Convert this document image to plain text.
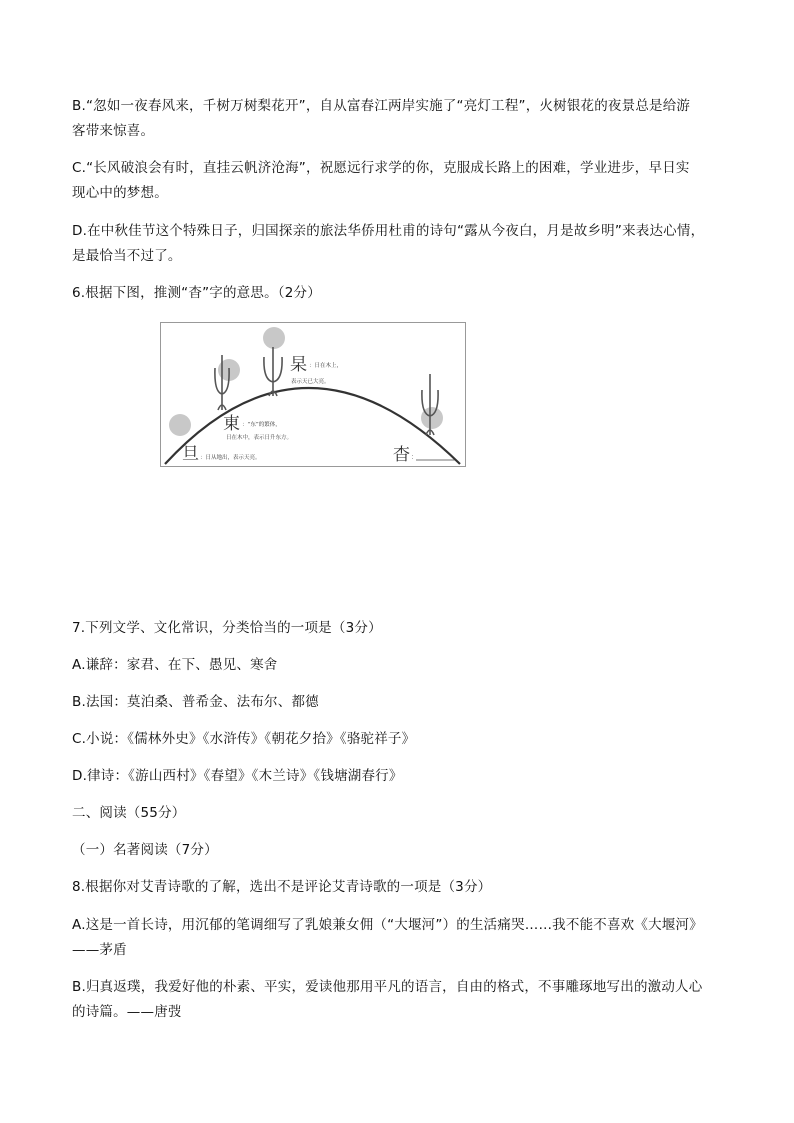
B.“忽如一夜春风来，千树万树梨花开”，自从富春江两岸实施了“亮灯工程”，火树银花的夜景总是给游
客带来惊喜。
C.“长风破浪会有时，直挂云帆济沧海”，祝愿远行求学的你，克服成长路上的困难，学业进步，早日实
现心中的梦想。
D.在中秋佳节这个特殊日子，归国探亲的旅法华侨用杜甫的诗句“露从今夜白，月是故乡明”来表达心情，
是最恰当不过了。
6.根据下图，推测“杳”字的意思。（2分）
旦 ：日从地出，表示天亮。
東 ：“东”的繁体，
日在木中，表示日升东方。
杲 ：日在木上，
表示天已大亮。
杳 ：
7.下列文学、文化常识，分类恰当的一项是（3分）
A.谦辞：家君、在下、愚见、寒舍
B.法国：莫泊桑、普希金、法布尔、都德
C.小说：《儒林外史》《水浒传》《朝花夕拾》《骆驼祥子》
D.律诗：《游山西村》《春望》《木兰诗》《钱塘湖春行》
二、阅读（55分）
（一）名著阅读（7分）
8.根据你对艾青诗歌的了解，选出不是评论艾青诗歌的一项是（3分）
A.这是一首长诗，用沉郁的笔调细写了乳娘兼女佣（“大堰河”）的生活痛哭……我不能不喜欢《大堰河》
——茅盾
B.归真返璞，我爱好他的朴素、平实，爱读他那用平凡的语言，自由的格式，不事雕琢地写出的激动人心
的诗篇。——唐弢
